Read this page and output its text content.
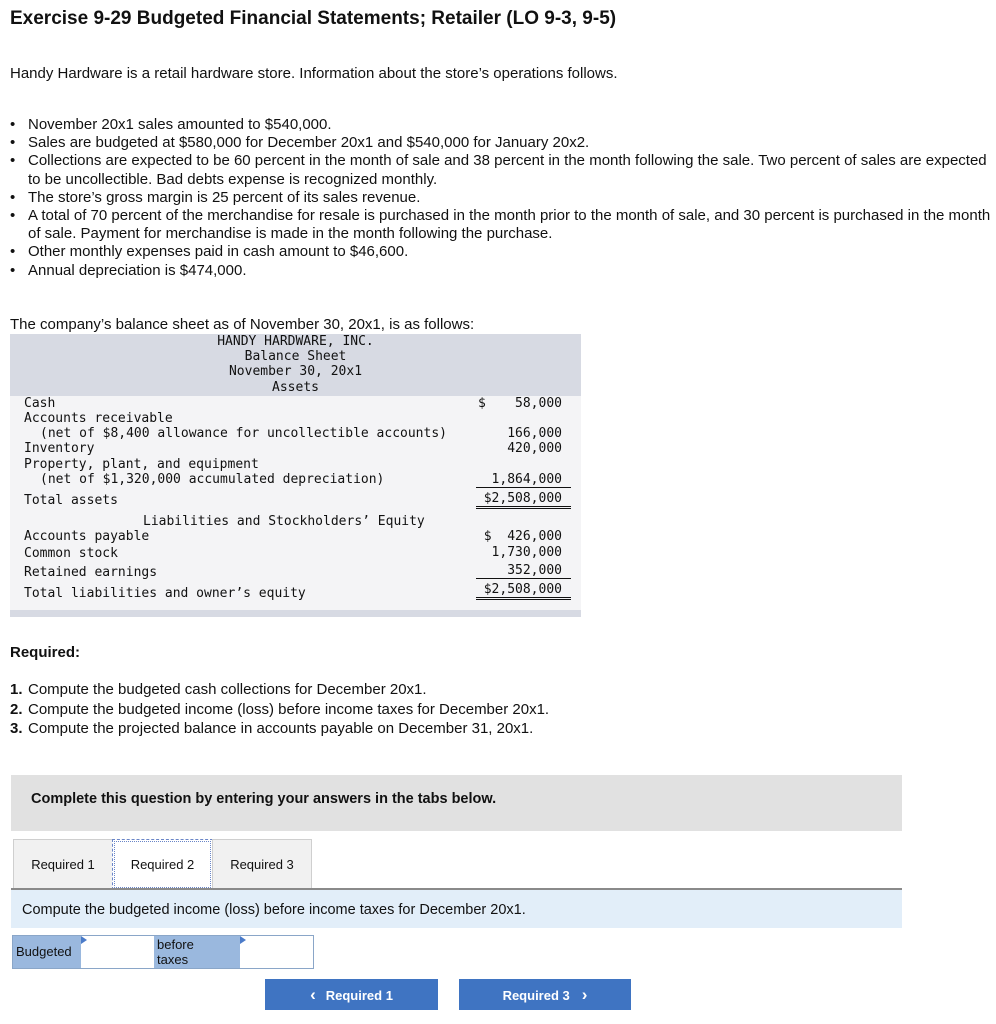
Exercise 9-29 Budgeted Financial Statements; Retailer (LO 9-3, 9-5)
Handy Hardware is a retail hardware store. Information about the store’s operations follows.
• November 20x1 sales amounted to $540,000.
• Sales are budgeted at $580,000 for December 20x1 and $540,000 for January 20x2.
• Collections are expected to be 60 percent in the month of sale and 38 percent in the month following the sale. Two percent of sales are expected to be uncollectible. Bad debts expense is recognized monthly.
• The store’s gross margin is 25 percent of its sales revenue.
• A total of 70 percent of the merchandise for resale is purchased in the month prior to the month of sale, and 30 percent is purchased in the month of sale. Payment for merchandise is made in the month following the purchase.
• Other monthly expenses paid in cash amount to $46,600.
• Annual depreciation is $474,000.
The company’s balance sheet as of November 30, 20x1, is as follows:
HANDY HARDWARE, INC.
Balance Sheet
November 30, 20x1
Assets
Cash	$	58,000
Accounts receivable
(net of $8,400 allowance for uncollectible accounts)	166,000
Inventory	420,000
Property, plant, and equipment
(net of $1,320,000 accumulated depreciation)	1,864,000
Total assets	$2,508,000
Liabilities and Stockholders’ Equity
Accounts payable	$  426,000
Common stock	1,730,000
Retained earnings	352,000
Total liabilities and owner’s equity	$2,508,000
Required:
1. Compute the budgeted cash collections for December 20x1.
2. Compute the budgeted income (loss) before income taxes for December 20x1.
3. Compute the projected balance in accounts payable on December 31, 20x1.
Complete this question by entering your answers in the tabs below.
Required 1	Required 2	Required 3
Compute the budgeted income (loss) before income taxes for December 20x1.
Budgeted	before taxes
‹ Required 1	Required 3 ›
